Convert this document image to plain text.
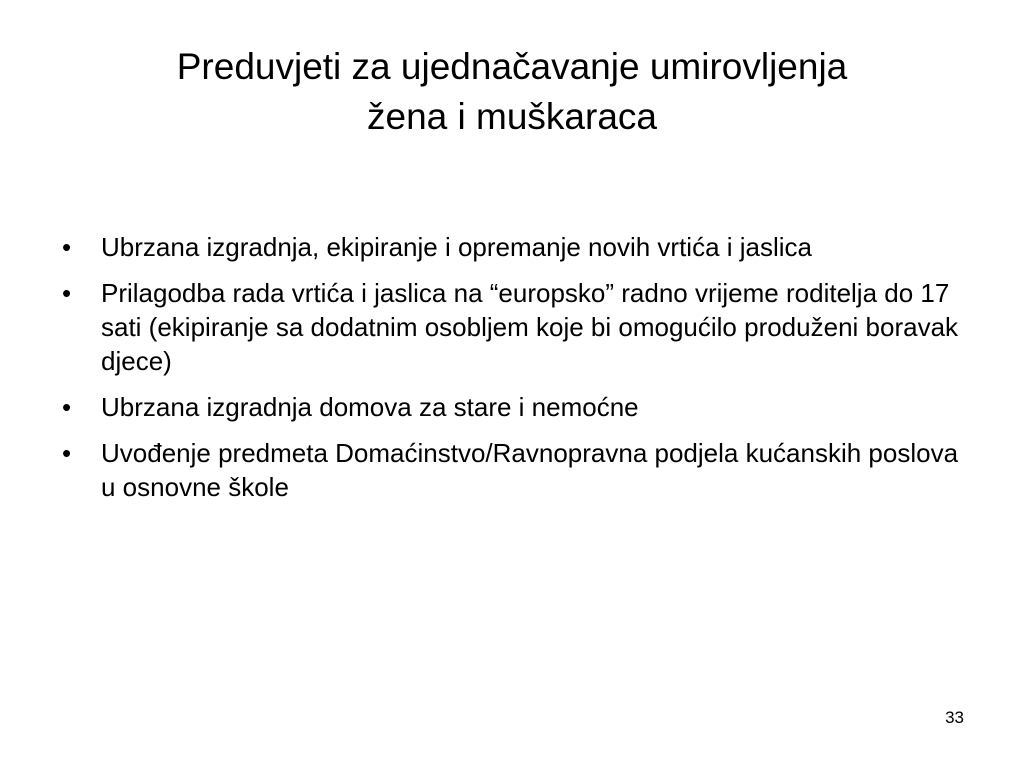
Preduvjeti za ujednačavanje umirovljenja
žena i muškaraca
• Ubrzana izgradnja, ekipiranje i opremanje novih vrtića i jaslica
• Prilagodba rada vrtića i jaslica na “europsko” radno vrijeme roditelja do 17 sati (ekipiranje sa dodatnim osobljem koje bi omogućilo produženi boravak djece)
• Ubrzana izgradnja domova za stare i nemoćne
• Uvođenje predmeta Domaćinstvo/Ravnopravna podjela kućanskih poslova u osnovne škole
33
